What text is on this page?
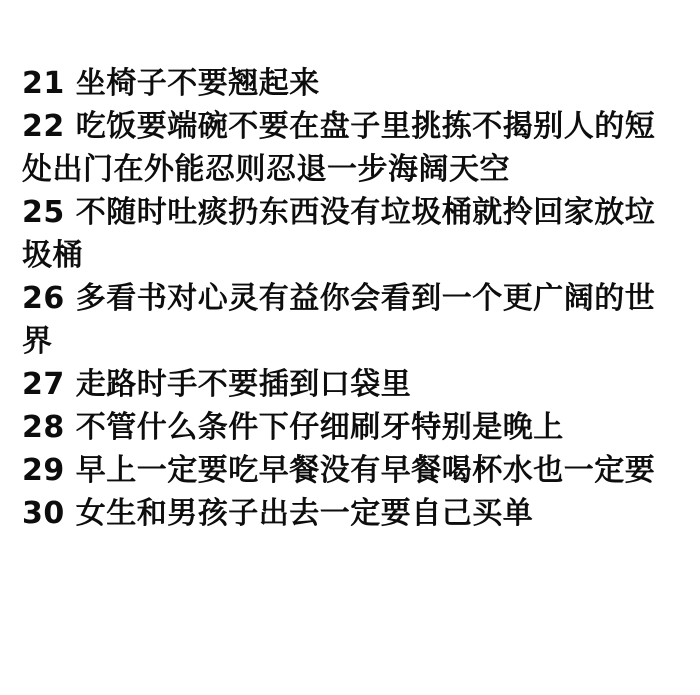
21 坐椅子不要翘起来
22 吃饭要端碗不要在盘子里挑拣不揭别人的短处出门在外能忍则忍退一步海阔天空
25 不随时吐痰扔东西没有垃圾桶就拎回家放垃圾桶
26 多看书对心灵有益你会看到一个更广阔的世界
27 走路时手不要插到口袋里
28 不管什么条件下仔细刷牙特别是晚上
29 早上一定要吃早餐没有早餐喝杯水也一定要
30 女生和男孩子出去一定要自己买单
